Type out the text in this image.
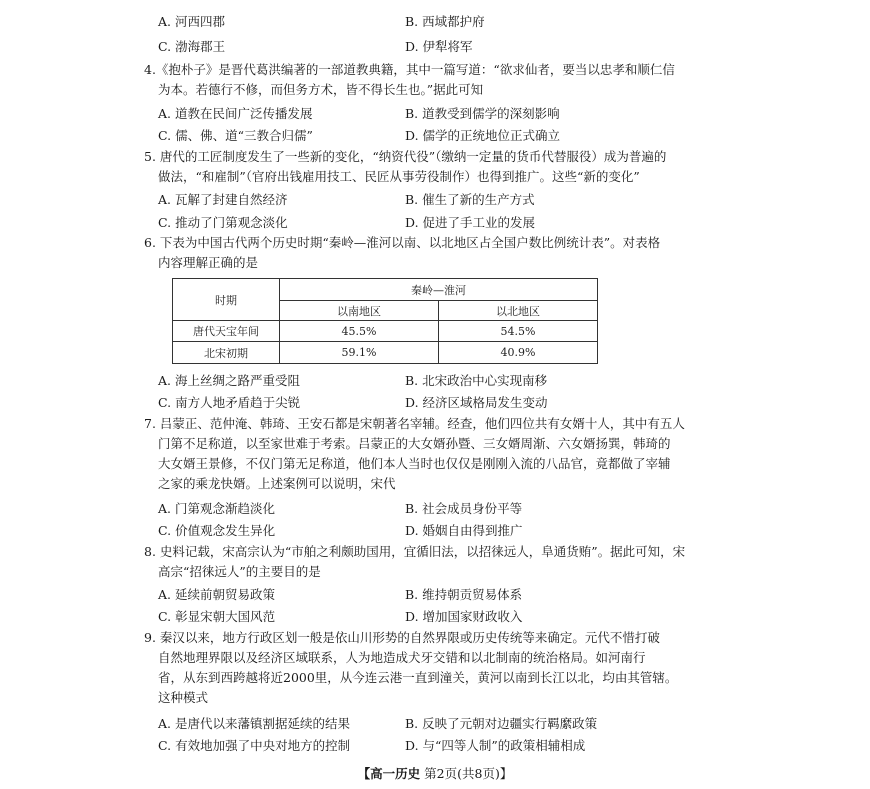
A. 河西四郡	B. 西域都护府
C. 渤海郡王	D. 伊犁将军
4.《抱朴子》是晋代葛洪编著的一部道教典籍，其中一篇写道：“欲求仙者，要当以忠孝和顺仁信
为本。若德行不修，而但务方术，皆不得长生也。”据此可知
A. 道教在民间广泛传播发展	B. 道教受到儒学的深刻影响
C. 儒、佛、道“三教合归儒”	D. 儒学的正统地位正式确立
5. 唐代的工匠制度发生了一些新的变化，“纳资代役”（缴纳一定量的货币代替服役）成为普遍的
做法，“和雇制”（官府出钱雇用技工、民匠从事劳役制作）也得到推广。这些“新的变化”
A. 瓦解了封建自然经济	B. 催生了新的生产方式
C. 推动了门第观念淡化	D. 促进了手工业的发展
6. 下表为中国古代两个历史时期“秦岭—淮河以南、以北地区占全国户数比例统计表”。对表格
内容理解正确的是
时期	秦岭—淮河	
	以南地区	以北地区
唐代天宝年间	45.5%	54.5%
北宋初期	59.1%	40.9%
A. 海上丝绸之路严重受阻	B. 北宋政治中心实现南移
C. 南方人地矛盾趋于尖锐	D. 经济区域格局发生变动
7. 吕蒙正、范仲淹、韩琦、王安石都是宋朝著名宰辅。经查，他们四位共有女婿十人，其中有五人
门第不足称道，以至家世难于考索。吕蒙正的大女婿孙暨、三女婿周渐、六女婿扬巽，韩琦的
大女婿王景修，不仅门第无足称道，他们本人当时也仅仅是刚刚入流的八品官，竟都做了宰辅
之家的乘龙快婿。上述案例可以说明，宋代
A. 门第观念渐趋淡化	B. 社会成员身份平等
C. 价值观念发生异化	D. 婚姻自由得到推广
8. 史料记载，宋高宗认为“市舶之利颇助国用，宜循旧法，以招徕远人，阜通货贿”。据此可知，宋
高宗“招徕远人”的主要目的是
A. 延续前朝贸易政策	B. 维持朝贡贸易体系
C. 彰显宋朝大国风范	D. 增加国家财政收入
9. 秦汉以来，地方行政区划一般是依山川形势的自然界限或历史传统等来确定。元代不惜打破
自然地理界限以及经济区域联系，人为地造成犬牙交错和以北制南的统治格局。如河南行
省，从东到西跨越将近2000里，从今连云港一直到潼关，黄河以南到长江以北，均由其管辖。
这种模式
A. 是唐代以来藩镇割据延续的结果	B. 反映了元朝对边疆实行羁縻政策
C. 有效地加强了中央对地方的控制	D. 与“四等人制”的政策相辅相成
【高一历史 第2页(共8页)】
